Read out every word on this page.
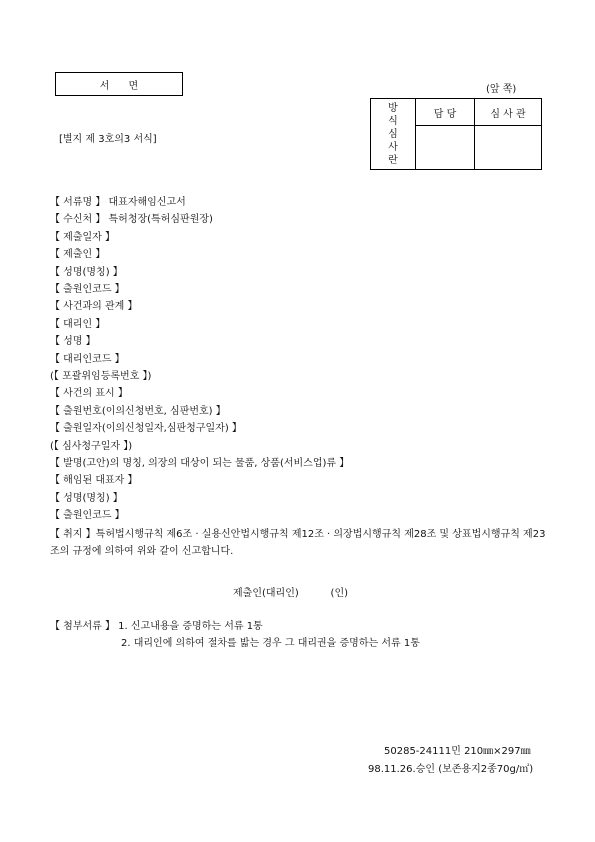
서      면	(앞 쪽)
[별지 제 3호의3 서식]
방
식
심
사
란	담 당	심 사 관

【 서류명 】 대표자해임신고서
【 수신처 】 특허청장(특허심판원장)
【 제출일자 】
【 제출인 】
【 성명(명칭) 】
【 출원인코드 】
【 사건과의 관계 】
【 대리인 】
【 성명 】
【 대리인코드 】
(【 포괄위임등록번호 】)
【 사건의 표시 】
【 출원번호(이의신청번호, 심판번호) 】
【 출원일자(이의신청일자,심판청구일자) 】
(【 심사청구일자 】)
【 발명(고안)의 명칭, 의장의 대상이 되는 물품, 상품(서비스업)류 】
【 해임된 대표자 】
【 성명(명칭) 】
【 출원인코드 】
【 취지 】특허법시행규칙 제6조 · 실용신안법시행규칙 제12조 · 의장법시행규칙 제28조 및 상표법시행규칙 제23조의 규정에 의하여 위와 같이 신고합니다.
제출인(대리인)          (인)
【 첨부서류 】 1. 신고내용을 증명하는 서류 1통
2. 대리인에 의하여 절차를 밟는 경우 그 대리권을 증명하는 서류 1통
50285-24111민 210㎜×297㎜
98.11.26.승인 (보존용지2종70g/㎡)
